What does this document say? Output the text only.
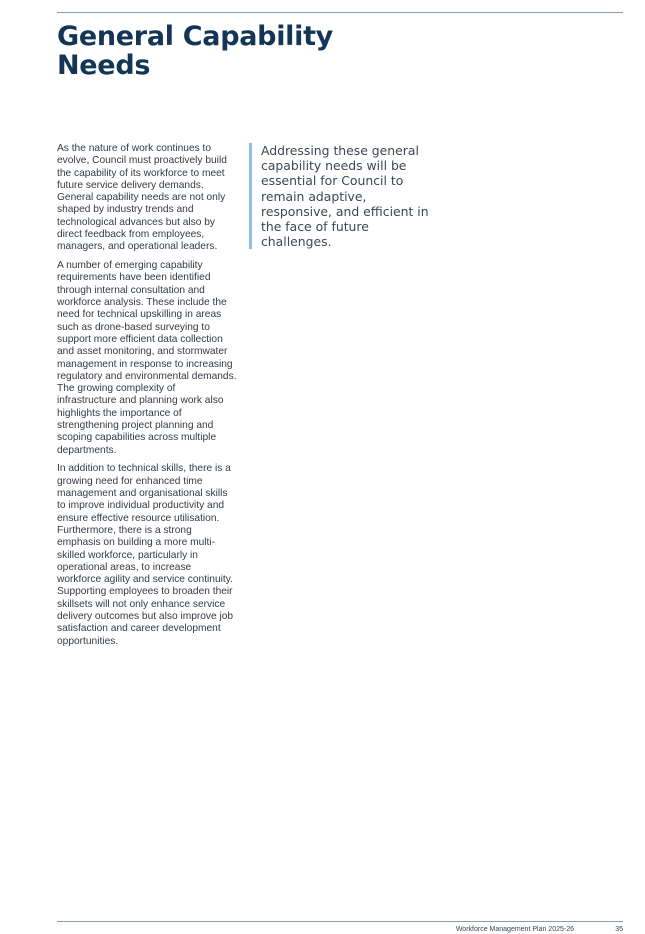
General Capability Needs

As the nature of work continues to evolve, Council must proactively build the capability of its workforce to meet future service delivery demands. General capability needs are not only shaped by industry trends and technological advances but also by direct feedback from employees, managers, and operational leaders.

A number of emerging capability requirements have been identified through internal consultation and workforce analysis. These include the need for technical upskilling in areas such as drone-based surveying to support more efficient data collection and asset monitoring, and stormwater management in response to increasing regulatory and environmental demands. The growing complexity of infrastructure and planning work also highlights the importance of strengthening project planning and scoping capabilities across multiple departments.

In addition to technical skills, there is a growing need for enhanced time management and organisational skills to improve individual productivity and ensure effective resource utilisation. Furthermore, there is a strong emphasis on building a more multi-skilled workforce, particularly in operational areas, to increase workforce agility and service continuity. Supporting employees to broaden their skillsets will not only enhance service delivery outcomes but also improve job satisfaction and career development opportunities.

Addressing these general capability needs will be essential for Council to remain adaptive, responsive, and efficient in the face of future challenges.
Workforce Management Plan 2025-26	35
